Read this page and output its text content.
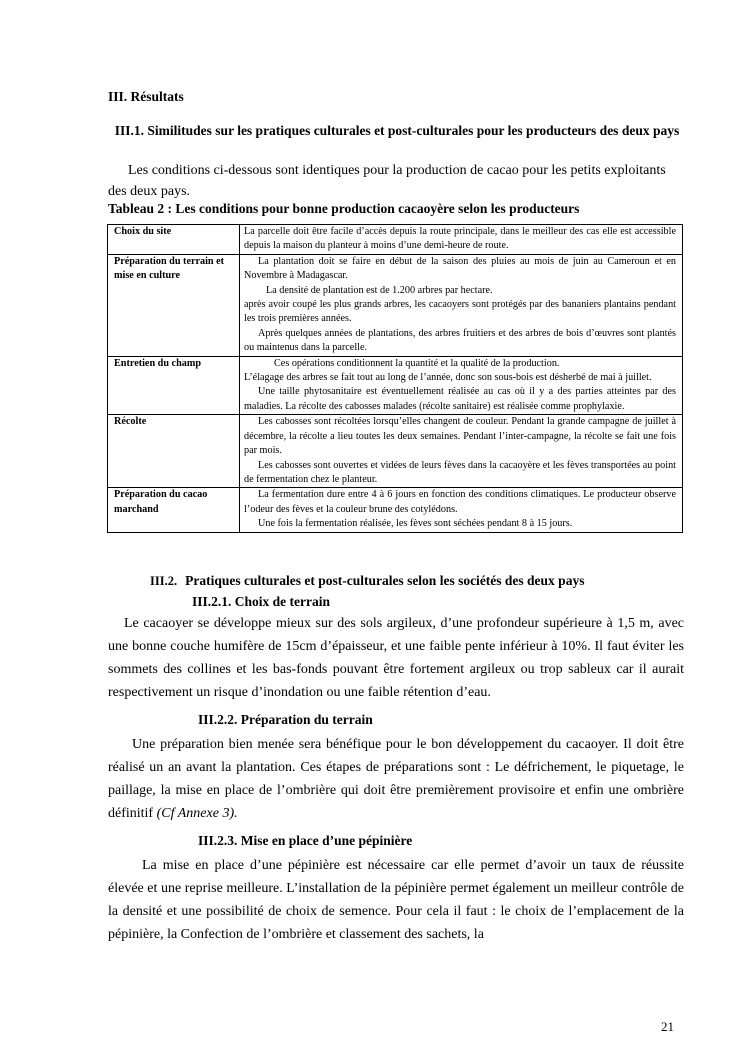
III. Résultats
III.1. Similitudes sur les pratiques culturales et post-culturales pour les producteurs des deux pays
Les conditions ci-dessous sont identiques pour la production de cacao pour les petits exploitants des deux pays.
Tableau 2 : Les conditions pour bonne production cacaoyère selon les producteurs
Choix du site	La parcelle doit être facile d’accès depuis la route principale, dans le meilleur des cas elle est accessible depuis la maison du planteur à moins d’une demi-heure de route.

Préparation du terrain et mise en culture	La plantation doit se faire en début de la saison des pluies au mois de juin au Cameroun et en Novembre à Madagascar.
La densité de plantation est de 1.200 arbres par hectare.
après avoir coupé les plus grands arbres, les cacaoyers sont protégés par des bananiers plantains pendant les trois premières années.
Après quelques années de plantations, des arbres fruitiers et des arbres de bois d’œuvres sont plantés ou maintenus dans la parcelle.

Entretien du champ	Ces opérations conditionnent la quantité et la qualité de la production.
L’élagage des arbres se fait tout au long de l’année, donc son sous-bois est désherbé de mai à juillet.
Une taille phytosanitaire est éventuellement réalisée au cas où il y a des parties atteintes par des maladies. La récolte des cabosses malades (récolte sanitaire) est réalisée comme prophylaxie.

Récolte	Les cabosses sont récoltées lorsqu’elles changent de couleur. Pendant la grande campagne de juillet à décembre, la récolte a lieu toutes les deux semaines. Pendant l’inter-campagne, la récolte se fait une fois par mois.
Les cabosses sont ouvertes et vidées de leurs fèves dans la cacaoyère et les fèves transportées au point de fermentation chez le planteur.

Préparation du cacao marchand	La fermentation dure entre 4 à 6 jours en fonction des conditions climatiques. Le producteur observe l’odeur des fèves et la couleur brune des cotylédons.
Une fois la fermentation réalisée, les fèves sont séchées pendant 8 à 15 jours.
III.2. Pratiques culturales et post-culturales selon les sociétés des deux pays
III.2.1. Choix de terrain
Le cacaoyer se développe mieux sur des sols argileux, d’une profondeur supérieure à 1,5 m, avec une bonne couche humifère de 15cm d’épaisseur, et une faible pente inférieur à 10%. Il faut éviter les sommets des collines et les bas-fonds pouvant être fortement argileux ou trop sableux car il aurait respectivement un risque d’inondation ou une faible rétention d’eau.
III.2.2. Préparation du terrain
Une préparation bien menée sera bénéfique pour le bon développement du cacaoyer. Il doit être réalisé un an avant la plantation. Ces étapes de préparations sont : Le défrichement, le piquetage, le paillage, la mise en place de l’ombrière qui doit être premièrement provisoire et enfin une ombrière définitif (Cf Annexe 3).
III.2.3. Mise en place d’une pépinière
La mise en place d’une pépinière est nécessaire car elle permet d’avoir un taux de réussite élevée et une reprise meilleure. L’installation de la pépinière permet également un meilleur contrôle de la densité et une possibilité de choix de semence. Pour cela il faut : le choix de l’emplacement de la pépinière, la Confection de l’ombrière et classement des sachets, la
21
